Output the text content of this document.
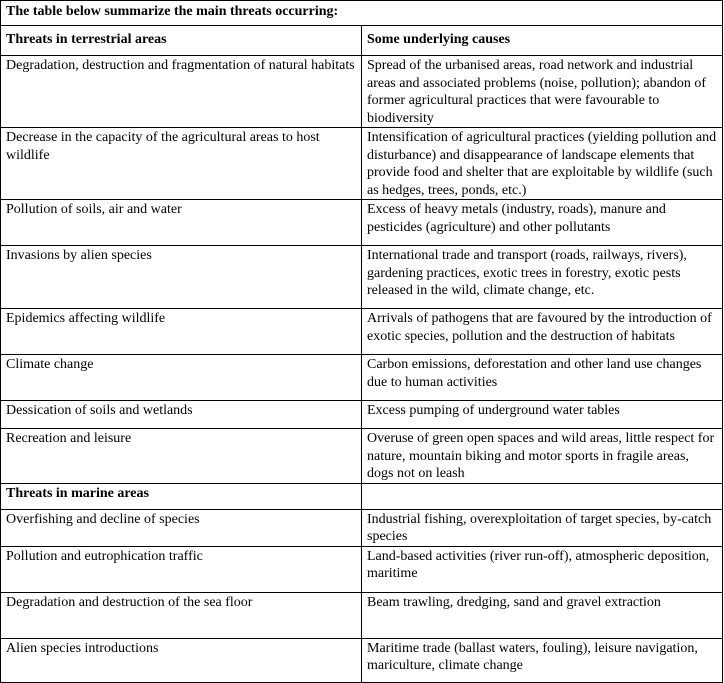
The table below summarize the main threats occurring:	
Threats in terrestrial areas	Some underlying causes
Degradation, destruction and fragmentation of natural habitats	Spread of the urbanised areas, road network and industrial areas and associated problems (noise, pollution); abandon of former agricultural practices that were favourable to biodiversity
Decrease in the capacity of the agricultural areas to host wildlife	Intensification of agricultural practices (yielding pollution and disturbance) and disappearance of landscape elements that provide food and shelter that are exploitable by wildlife (such as hedges, trees, ponds, etc.)
Pollution of soils, air and water	Excess of heavy metals (industry, roads), manure and pesticides (agriculture) and other pollutants
Invasions by alien species	International trade and transport (roads, railways, rivers), gardening practices, exotic trees in forestry, exotic pests released in the wild, climate change, etc.
Epidemics affecting wildlife	Arrivals of pathogens that are favoured by the introduction of exotic species, pollution and the destruction of habitats
Climate change	Carbon emissions, deforestation and other land use changes due to human activities
Dessication of soils and wetlands	Excess pumping of underground water tables
Recreation and leisure	Overuse of green open spaces and wild areas, little respect for nature, mountain biking and motor sports in fragile areas, dogs not on leash
Threats in marine areas	
Overfishing and decline of species	Industrial fishing, overexploitation of target species, by-catch species
Pollution and eutrophication traffic	Land-based activities (river run-off), atmospheric deposition, maritime
Degradation and destruction of the sea floor	Beam trawling, dredging, sand and gravel extraction
Alien species introductions	Maritime trade (ballast waters, fouling), leisure navigation, mariculture, climate change
